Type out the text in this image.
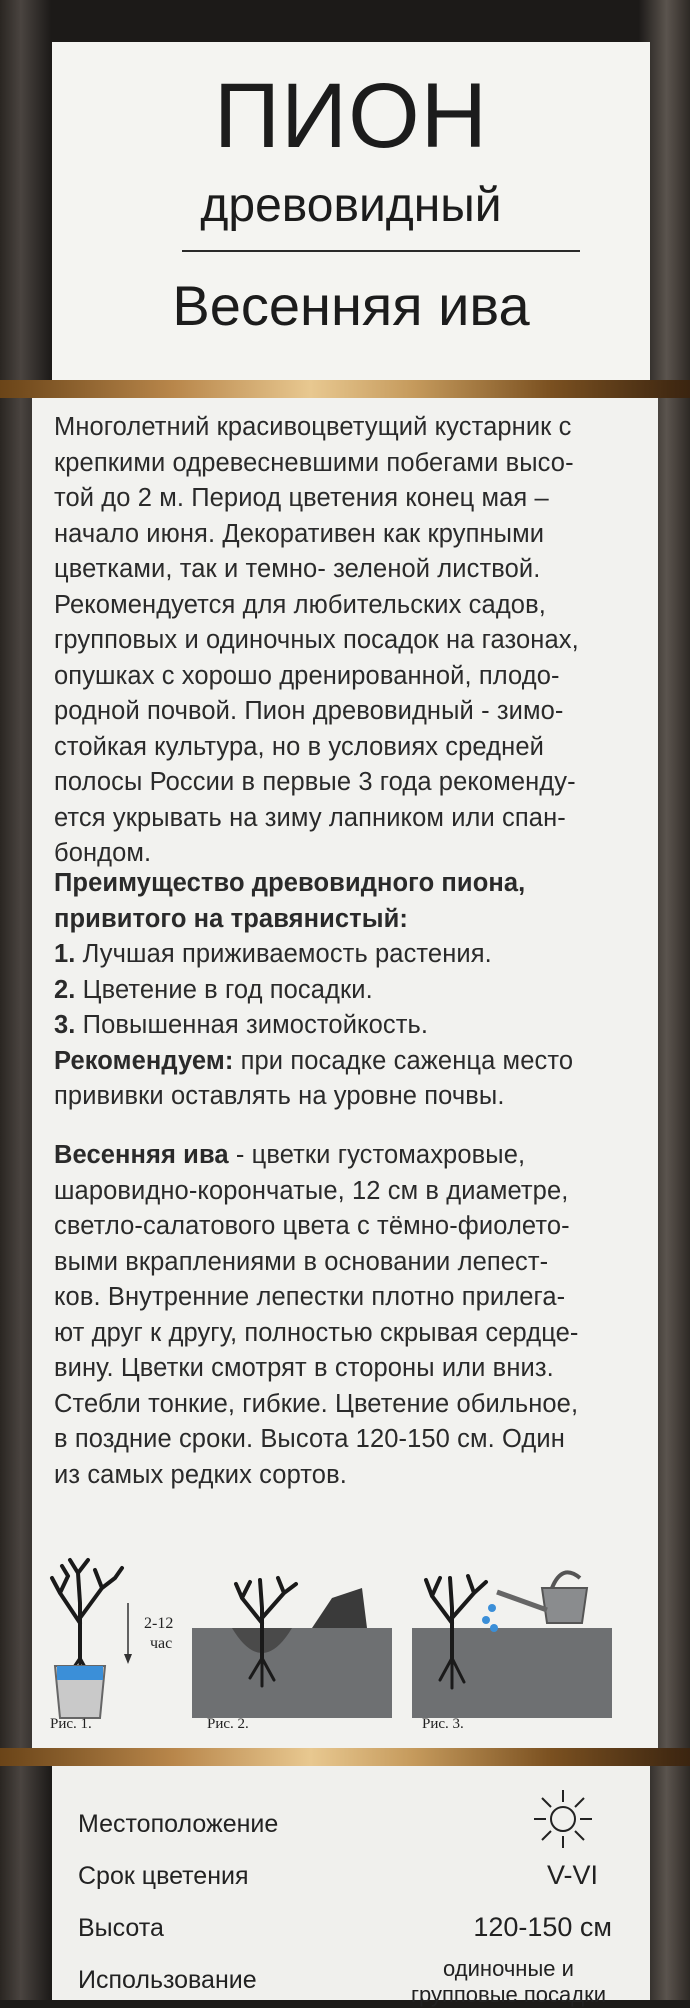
ПИОН
древовидный
Весенняя ива

Многолетний красивоцветущий кустарник с
крепкими одревесневшими побегами высо-
той до 2 м. Период цветения конец мая –
начало июня. Декоративен как крупными
цветками, так и темно- зеленой листвой.
Рекомендуется для любительских садов,
групповых и одиночных посадок на газонах,
опушках с хорошо дренированной, плодо-
родной почвой. Пион древовидный - зимо-
стойкая культура, но в условиях средней
полосы России в первые 3 года рекоменду-
ется укрывать на зиму лапником или спан-
бондом.

Преимущество древовидного пиона,
привитого на травянистый:
1. Лучшая приживаемость растения.
2. Цветение в год посадки.
3. Повышенная зимостойкость.
Рекомендуем: при посадке саженца место
прививки оставлять на уровне почвы.

Весенняя ива - цветки густомахровые,
шаровидно-корончатые, 12 см в диаметре,
светло-салатового цвета с тёмно-фиолето-
выми вкраплениями в основании лепест-
ков. Внутренние лепестки плотно прилега-
ют друг к другу, полностью скрывая сердце-
вину. Цветки смотрят в стороны или вниз.
Стебли тонкие, гибкие. Цветение обильное,
в поздние сроки. Высота 120-150 см. Один
из самых редких сортов.

2-12
час
Рис. 1.	Рис. 2.	Рис. 3.
Местоположение
Срок цветения	V-VI
Высота	120-150 см
Использование	одиночные и
групповые посадки
